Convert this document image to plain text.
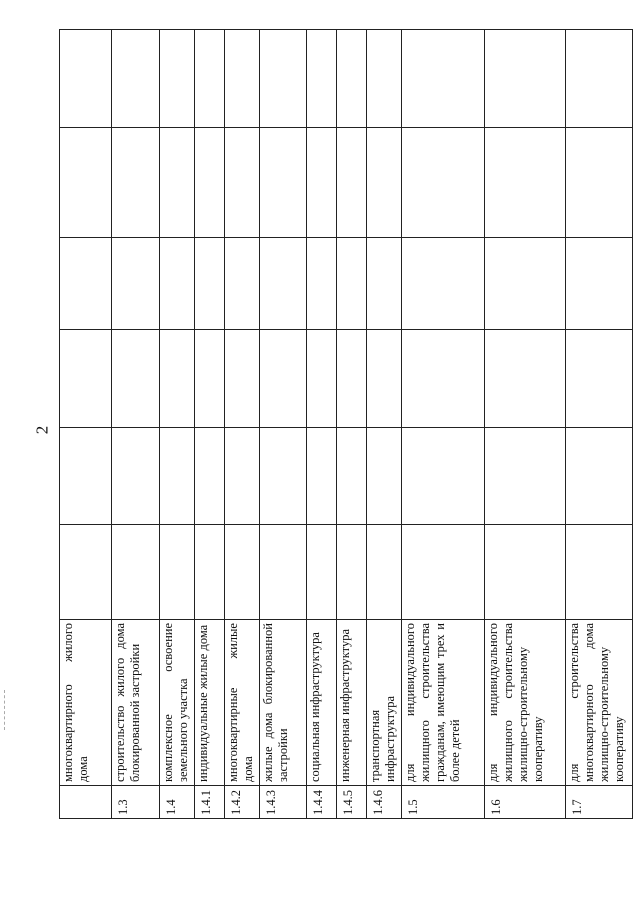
2
	многоквартирного жилого дома						
1.3	строительство жилого дома блокированной застройки						
1.4	комплексное освоение земельного участка						
1.4.1	индивидуальные жилые дома						
1.4.2	многоквартирные жилые дома						
1.4.3	жилые дома блокированной застройки						
1.4.4	социальная инфраструктура						
1.4.5	инженерная инфраструктура						
1.4.6	транспортная инфраструктура						
1.5	для индивидуального жилищного строительства гражданам, имеющим трех и более детей						
1.6	для индивидуального жилищного строительства жилищно-строительному кооперативу						
1.7	для строительства многоквартирного дома жилищно-строительному кооперативу						
